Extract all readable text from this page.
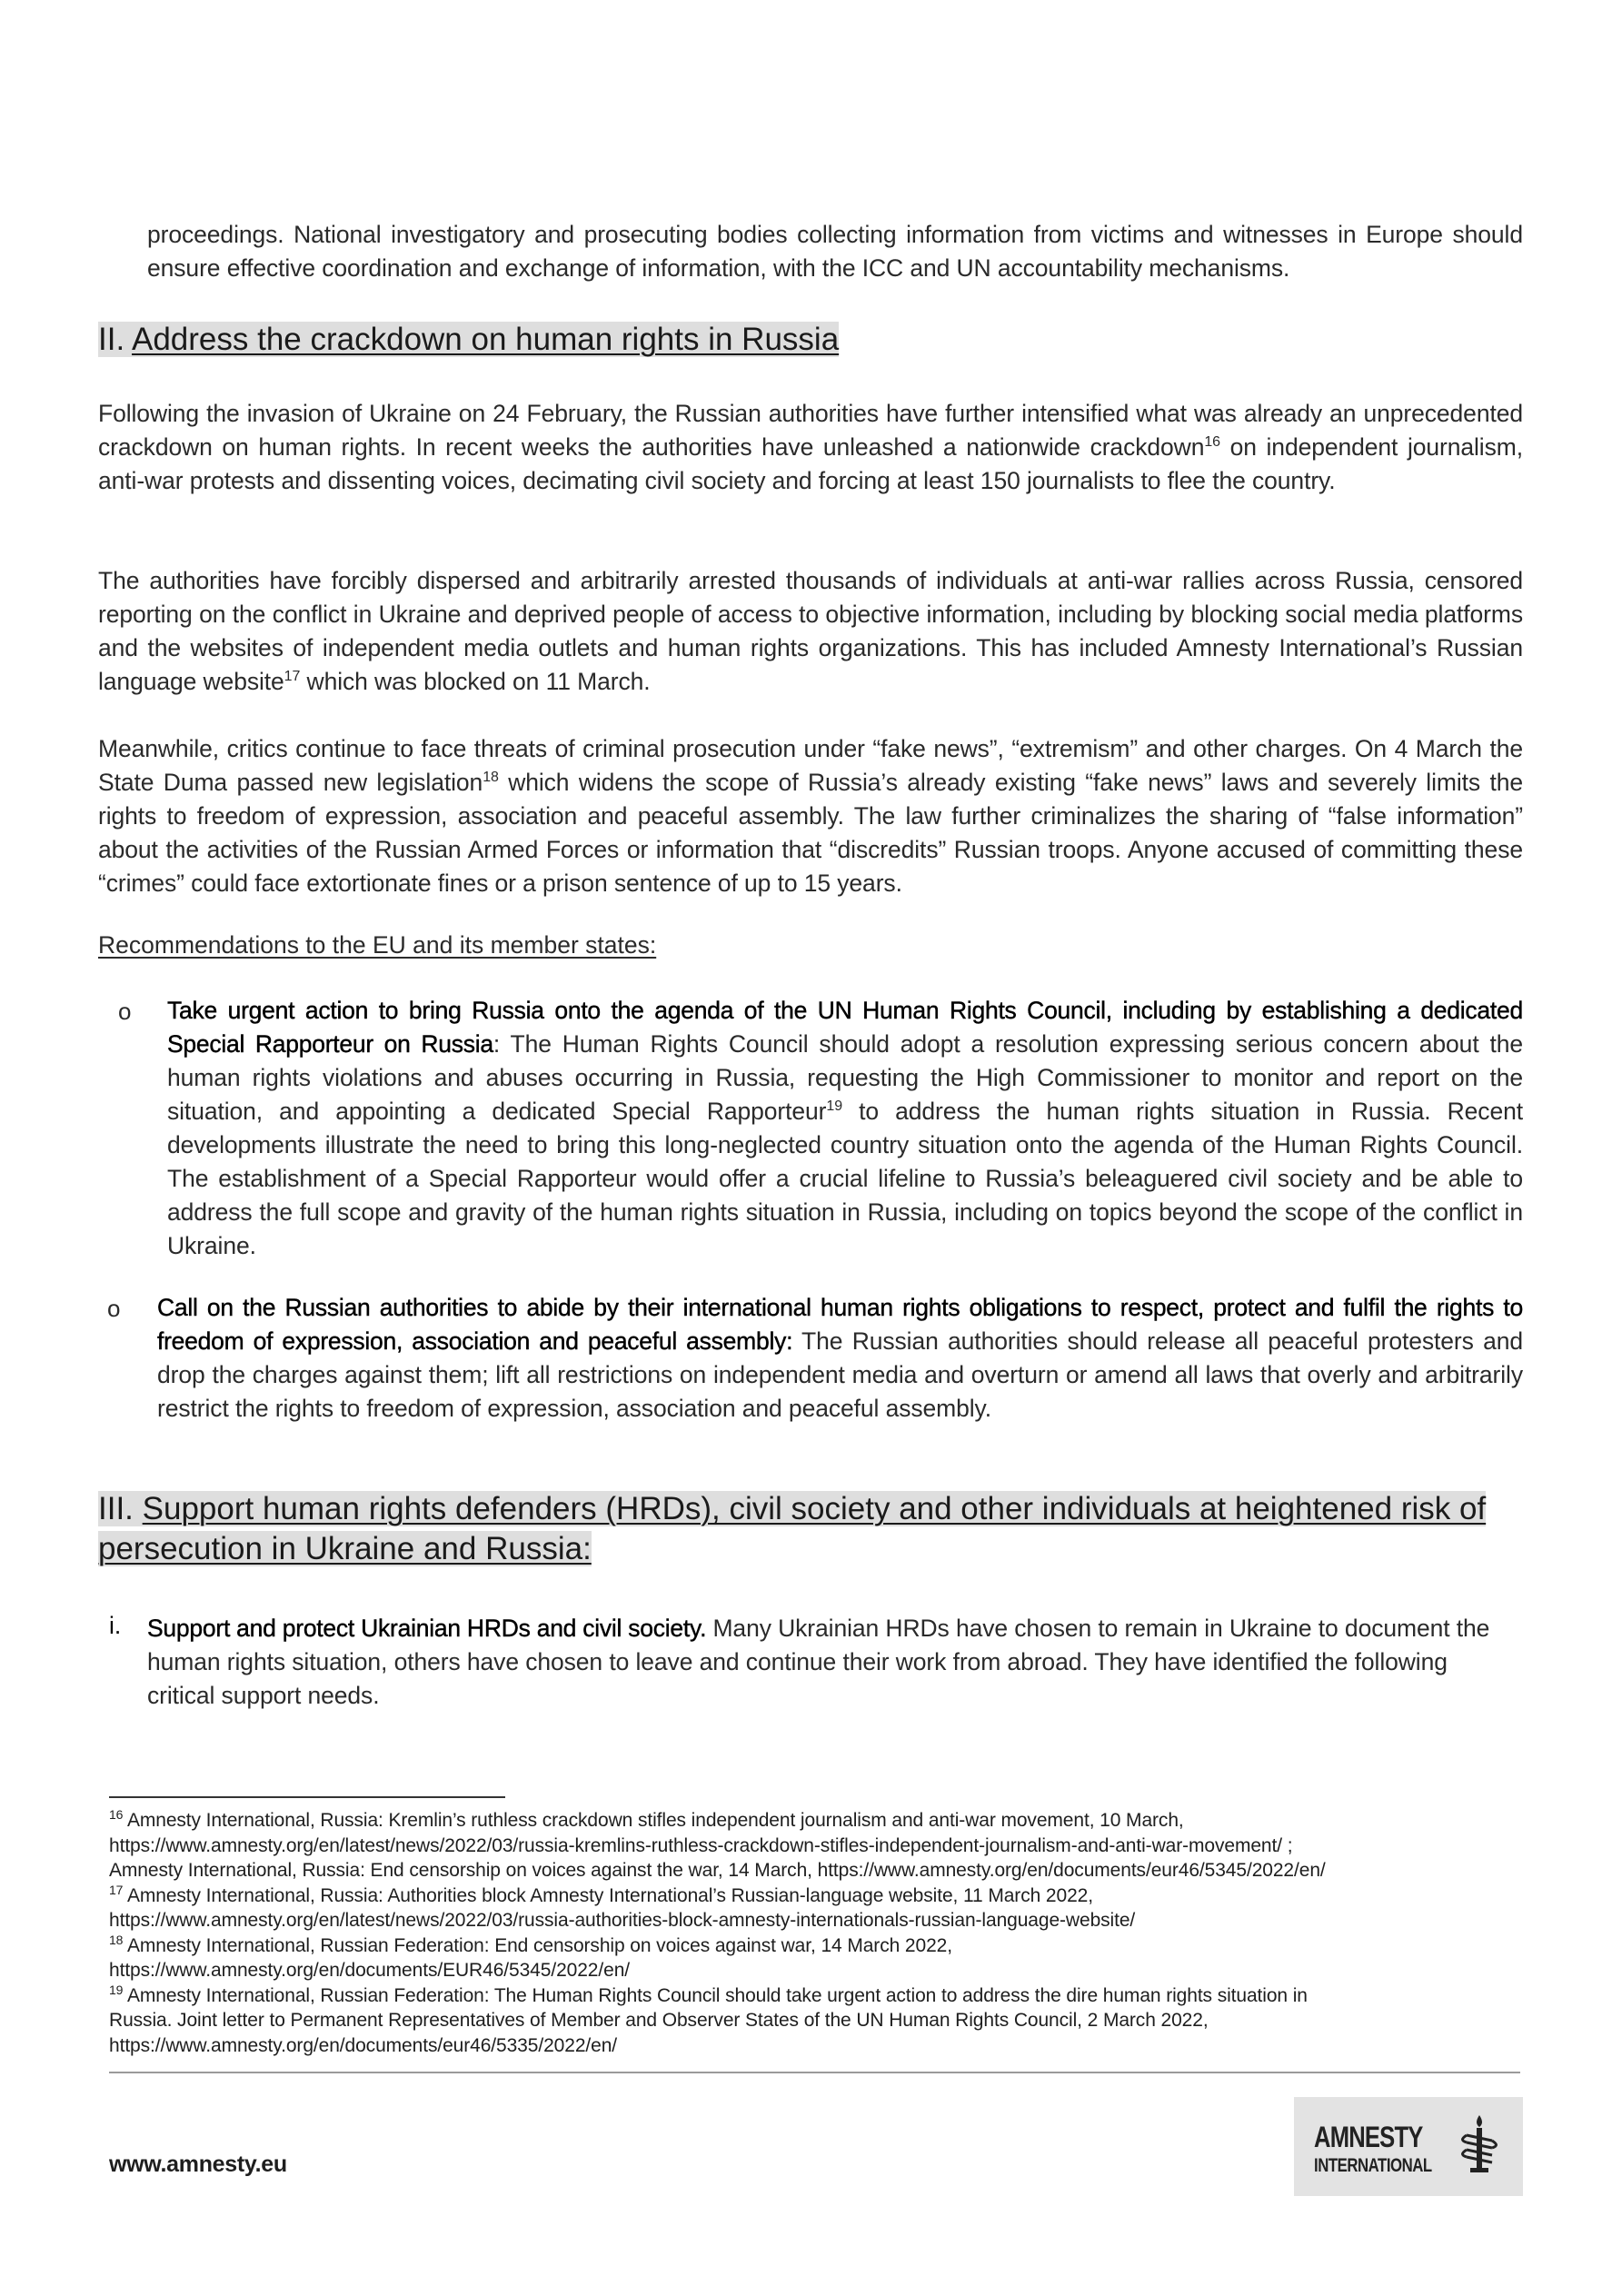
proceedings. National investigatory and prosecuting bodies collecting information from victims and witnesses in Europe should ensure effective coordination and exchange of information, with the ICC and UN accountability mechanisms.

II. Address the crackdown on human rights in Russia

Following the invasion of Ukraine on 24 February, the Russian authorities have further intensified what was already an unprecedented crackdown on human rights. In recent weeks the authorities have unleashed a nationwide crackdown$^{16}$ on independent journalism, anti-war protests and dissenting voices, decimating civil society and forcing at least 150 journalists to flee the country.

The authorities have forcibly dispersed and arbitrarily arrested thousands of individuals at anti-war rallies across Russia, censored reporting on the conflict in Ukraine and deprived people of access to objective information, including by blocking social media platforms and the websites of independent media outlets and human rights organizations. This has included Amnesty International’s Russian language website$^{17}$ which was blocked on 11 March.

Meanwhile, critics continue to face threats of criminal prosecution under “fake news”, “extremism” and other charges. On 4 March the State Duma passed new legislation$^{18}$ which widens the scope of Russia’s already existing “fake news” laws and severely limits the rights to freedom of expression, association and peaceful assembly. The law further criminalizes the sharing of “false information” about the activities of the Russian Armed Forces or information that “discredits” Russian troops. Anyone accused of committing these “crimes” could face extortionate fines or a prison sentence of up to 15 years.

Recommendations to the EU and its member states:

o Take urgent action to bring Russia onto the agenda of the UN Human Rights Council, including by establishing a dedicated Special Rapporteur on Russia: The Human Rights Council should adopt a resolution expressing serious concern about the human rights violations and abuses occurring in Russia, requesting the High Commissioner to monitor and report on the situation, and appointing a dedicated Special Rapporteur$^{19}$ to address the human rights situation in Russia. Recent developments illustrate the need to bring this long-neglected country situation onto the agenda of the Human Rights Council. The establishment of a Special Rapporteur would offer a crucial lifeline to Russia’s beleaguered civil society and be able to address the full scope and gravity of the human rights situation in Russia, including on topics beyond the scope of the conflict in Ukraine.

o Call on the Russian authorities to abide by their international human rights obligations to respect, protect and fulfil the rights to freedom of expression, association and peaceful assembly: The Russian authorities should release all peaceful protesters and drop the charges against them; lift all restrictions on independent media and overturn or amend all laws that overly and arbitrarily restrict the rights to freedom of expression, association and peaceful assembly.

III. Support human rights defenders (HRDs), civil society and other individuals at heightened risk of persecution in Ukraine and Russia:
i. Support and protect Ukrainian HRDs and civil society. Many Ukrainian HRDs have chosen to remain in Ukraine to document the human rights situation, others have chosen to leave and continue their work from abroad. They have identified the following critical support needs.

$^{16}$ Amnesty International, Russia: Kremlin’s ruthless crackdown stifles independent journalism and anti-war movement, 10 March,
https://www.amnesty.org/en/latest/news/2022/03/russia-kremlins-ruthless-crackdown-stifles-independent-journalism-and-anti-war-movement/ ;
Amnesty International, Russia: End censorship on voices against the war, 14 March, https://www.amnesty.org/en/documents/eur46/5345/2022/en/

$^{17}$ Amnesty International, Russia: Authorities block Amnesty International’s Russian-language website, 11 March 2022,
https://www.amnesty.org/en/latest/news/2022/03/russia-authorities-block-amnesty-internationals-russian-language-website/

$^{18}$ Amnesty International, Russian Federation: End censorship on voices against war, 14 March 2022,
https://www.amnesty.org/en/documents/EUR46/5345/2022/en/

$^{19}$ Amnesty International, Russian Federation: The Human Rights Council should take urgent action to address the dire human rights situation in
Russia. Joint letter to Permanent Representatives of Member and Observer States of the UN Human Rights Council, 2 March 2022,
https://www.amnesty.org/en/documents/eur46/5335/2022/en/

www.amnesty.eu
AMNESTY
INTERNATIONAL
